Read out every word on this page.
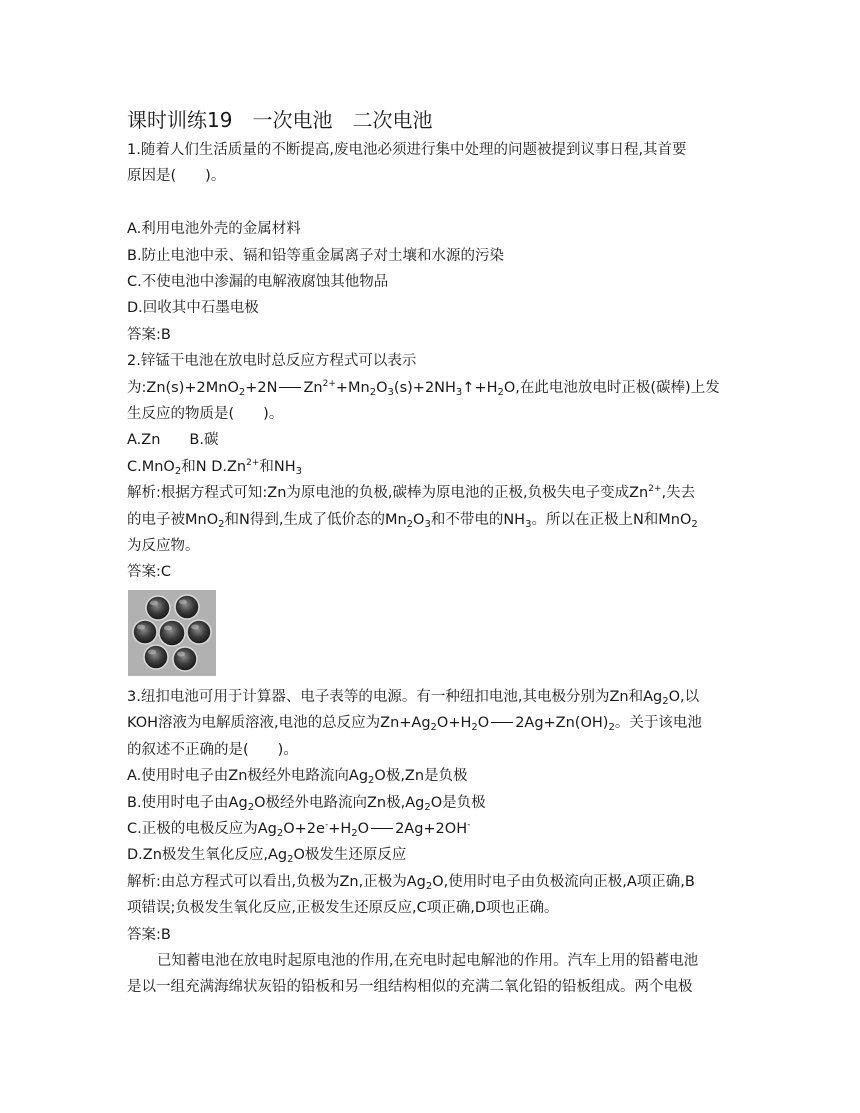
课时训练19　一次电池　二次电池
1.随着人们生活质量的不断提高,废电池必须进行集中处理的问题被提到议事日程,其首要
原因是(　　)。
A.利用电池外壳的金属材料
B.防止电池中汞、镉和铅等重金属离子对土壤和水源的污染
C.不使电池中渗漏的电解液腐蚀其他物品
D.回收其中石墨电极
答案:B
2.锌锰干电池在放电时总反应方程式可以表示
为:Zn(s)+2MnO$_2$+2N $Zn^{2+}+Mn_2O_3(s)+2NH_3↑+H_2O$,在此电池放电时正极(碳棒)上发
生反应的物质是(　　)。
A.Zn　　B.碳
C.MnO$_2$和N $D.Zn^{2+}$和$NH_3$
解析:根据方程式可知:Zn为原电池的负极,碳棒为原电池的正极,负极失电子变成$Zn^{2+}$,失去
的电子被MnO$_2$和N得到,生成了低价态的$Mn_2O_3$和不带电的$NH_3$。所以在正极上N和MnO$_2$
为反应物。
答案:C
3.纽扣电池可用于计算器、电子表等的电源。有一种纽扣电池,其电极分别为Zn和$Ag_2O$,以
KOH溶液为电解质溶液,电池的总反应为$Zn+Ag_2O+H_2O$ $2Ag+Zn(OH)_2$。关于该电池
的叙述不正确的是(　　)。
A.使用时电子由Zn极经外电路流向$Ag_2O$极,Zn是负极
B.使用时电子由$Ag_2O$极经外电路流向Zn极$,Ag_2O$是负极
C.正极的电极反应为$Ag_2O+2e^-+H_2O$ 2Ag+2OH-
D.Zn极发生氧化反应$,Ag_2O$极发生还原反应
解析:由总方程式可以看出,负极为Zn,正极为$Ag_2O$,使用时电子由负极流向正极,A项正确,B
项错误;负极发生氧化反应,正极发生还原反应,C项正确,D项也正确。
答案:B
已知蓄电池在放电时起原电池的作用,在充电时起电解池的作用。汽车上用的铅蓄电池
是以一组充满海绵状灰铅的铅板和另一组结构相似的充满二氧化铅的铅板组成。两个电极
